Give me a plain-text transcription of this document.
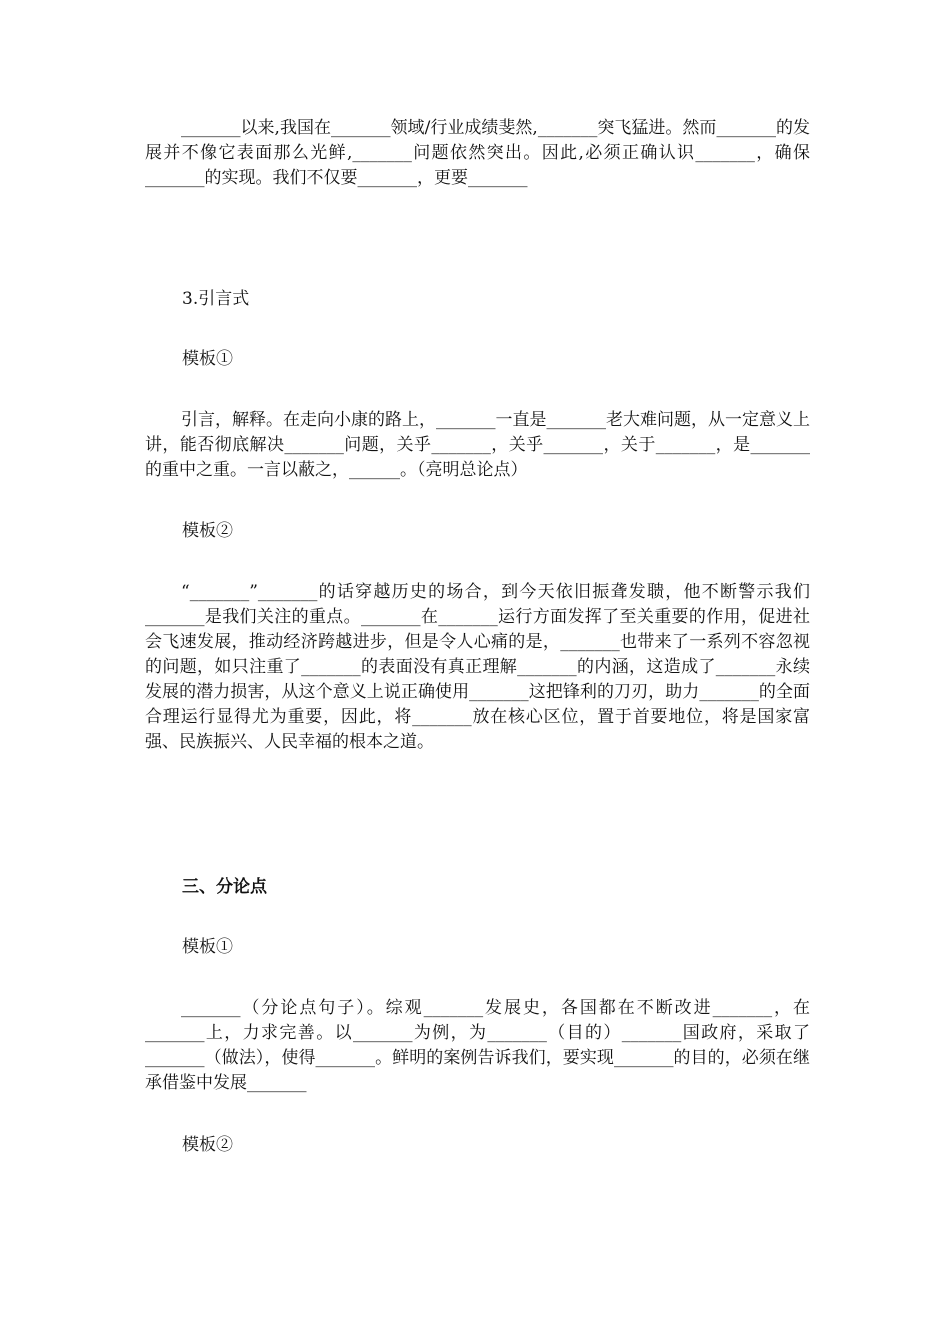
_______以来,我国在_______领域/行业成绩斐然,_______突飞猛进。然而_______的发展并不像它表面那么光鲜,_______问题依然突出。因此,必须正确认识_______，确保_______的实现。我们不仅要_______，更要_______

3.引言式

模板①

引言，解释。在走向小康的路上，_______一直是_______老大难问题，从一定意义上讲，能否彻底解决_______问题，关乎_______，关乎_______，关于_______，是_______的重中之重。一言以蔽之，______。（亮明总论点）

模板②

“_______”_______的话穿越历史的场合，到今天依旧振聋发聩，他不断警示我们_______是我们关注的重点。_______在_______运行方面发挥了至关重要的作用，促进社会飞速发展，推动经济跨越进步，但是令人心痛的是，_______也带来了一系列不容忽视的问题，如只注重了_______的表面没有真正理解_______的内涵，这造成了_______永续发展的潜力损害，从这个意义上说正确使用_______这把锋利的刀刃，助力_______的全面合理运行显得尤为重要，因此，将_______放在核心区位，置于首要地位，将是国家富强、民族振兴、人民幸福的根本之道。

三、分论点

模板①

_______（分论点句子）。综观_______发展史，各国都在不断改进_______，在_______上，力求完善。以_______为例，为_______（目的）_______国政府，采取了_______（做法），使得_______。鲜明的案例告诉我们，要实现_______的目的，必须在继承借鉴中发展_______

模板②
